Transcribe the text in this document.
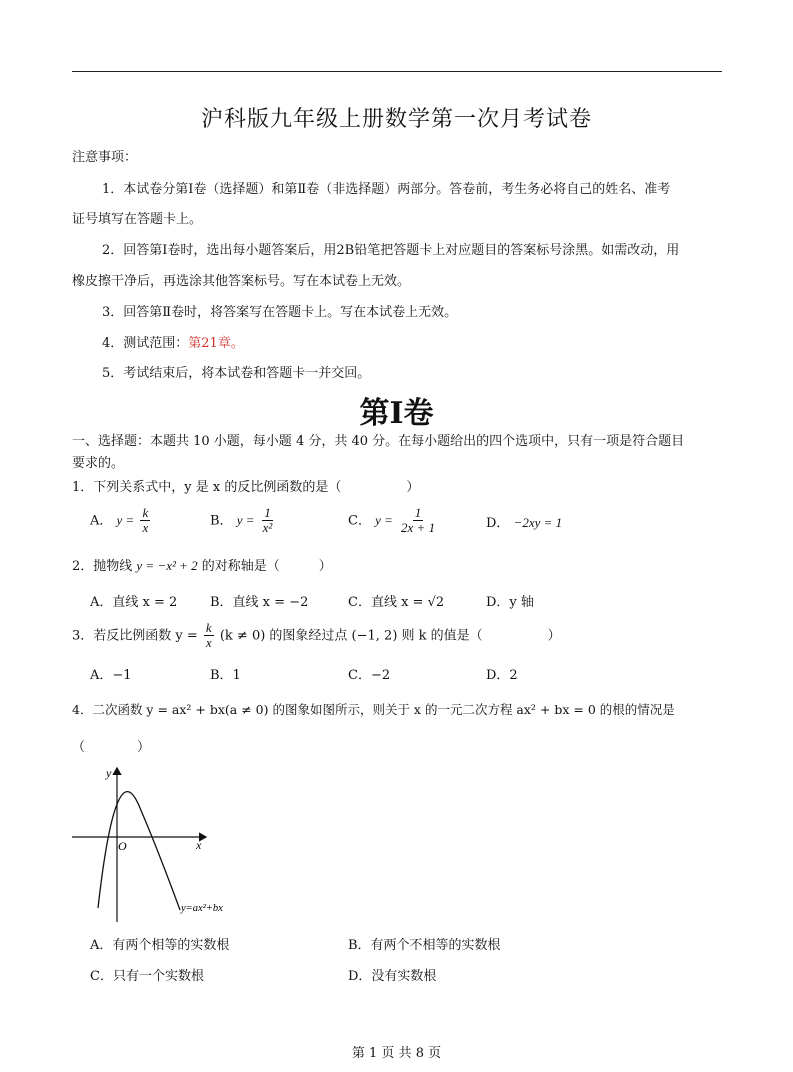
沪科版九年级上册数学第一次月考试卷
注意事项：
1．本试卷分第Ⅰ卷（选择题）和第Ⅱ卷（非选择题）两部分。答卷前，考生务必将自己的姓名、准考
证号填写在答题卡上。
2．回答第Ⅰ卷时，选出每小题答案后，用2B铅笔把答题卡上对应题目的答案标号涂黑。如需改动，用
橡皮擦干净后，再选涂其他答案标号。写在本试卷上无效。
3．回答第Ⅱ卷时，将答案写在答题卡上。写在本试卷上无效。
4．测试范围：第21章。
5．考试结束后，将本试卷和答题卡一并交回。
第Ⅰ卷
一、选择题：本题共 10 小题，每小题 4 分，共 40 分。在每小题给出的四个选项中，只有一项是符合题目
要求的。
1．下列关系式中，y 是 x 的反比例函数的是（　　　　　）
A． $y = \frac{k}{x}$	B． $y = \frac{1}{\text{x²}}$	C． $y = \frac{1}{2x + 1}$	D． −2xy = 1
2．抛物线 y = −x² + 2 的对称轴是（　　　）
A．直线 x = 2	B．直线 x = −2	C．直线 x = √2	D．y 轴
3．若反比例函数 $y = \frac{k}{x} (k \ne 0)$ 的图象经过点 (−1, 2) 则 k 的值是（　　　　　）
A．−1	B．1	C．−2	D．2
4．二次函数 y = ax² + bx(a ≠ 0) 的图象如图所示，则关于 x 的一元二次方程 ax² + bx = 0 的根的情况是
（　　　　）
y
x
O
y=ax²+bx
A．有两个相等的实数根	B．有两个不相等的实数根
C．只有一个实数根	D．没有实数根
第 1 页 共 8 页
